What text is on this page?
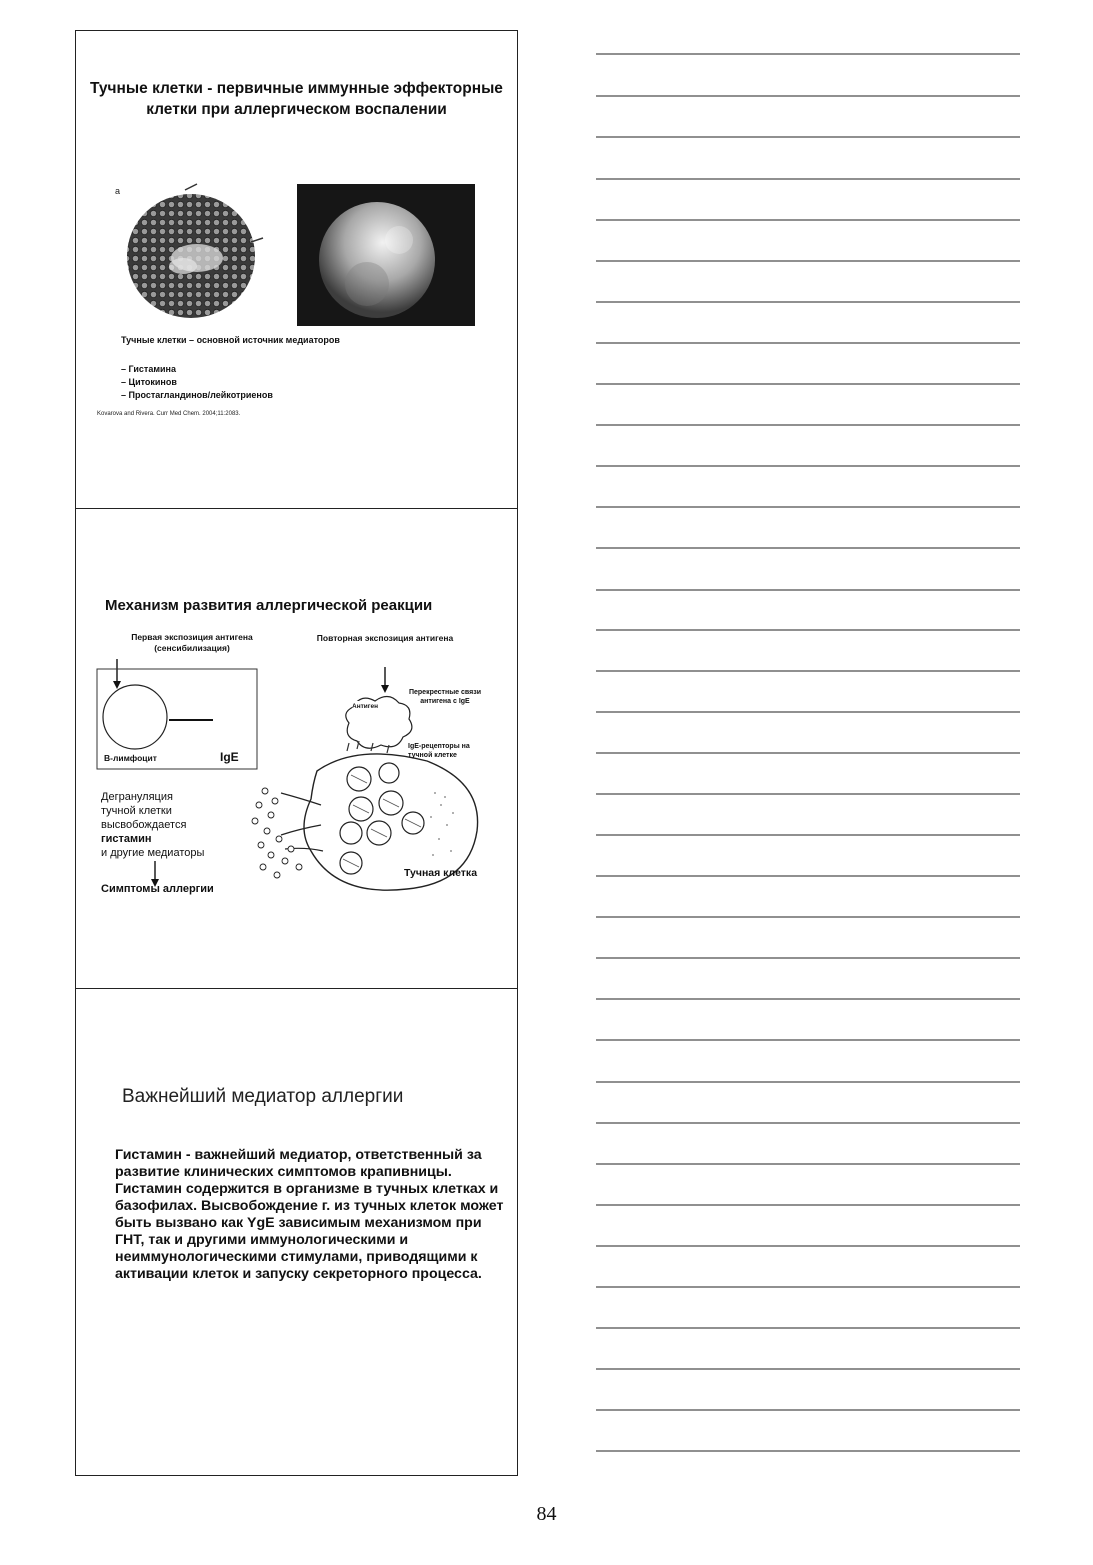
Тучные клетки - первичные иммунные эффекторные клетки при аллергическом воспалении
a
Тучные клетки – основной источник медиаторов
– Гистамина
– Цитокинов
– Простагландинов/лейкотриенов
Kovarova and Rivera. Curr Med Chem. 2004;11:2083.
Механизм развития аллергической реакции
Первая экспозиция антигена (сенсибилизация)
Повторная экспозиция антигена
Антиген
Перекрестные связи антигена с IgE
B-лимфоцит	IgE
IgE-рецепторы на тучной клетке
Дегрануляция
тучной клетки
высвобождается
гистамин
и другие медиаторы
Симптомы аллергии
Тучная клетка
Важнейший медиатор аллергии
Гистамин - важнейший медиатор, ответственный за развитие клинических симптомов крапивницы. Гистамин содержится в организме в тучных клетках и базофилах. Высвобождение г. из тучных клеток может быть вызвано как YgE зависимым механизмом при ГНТ, так и другими иммунологическими и неиммунологическими стимулами, приводящими к активации клеток и запуску секреторного процесса.
84
